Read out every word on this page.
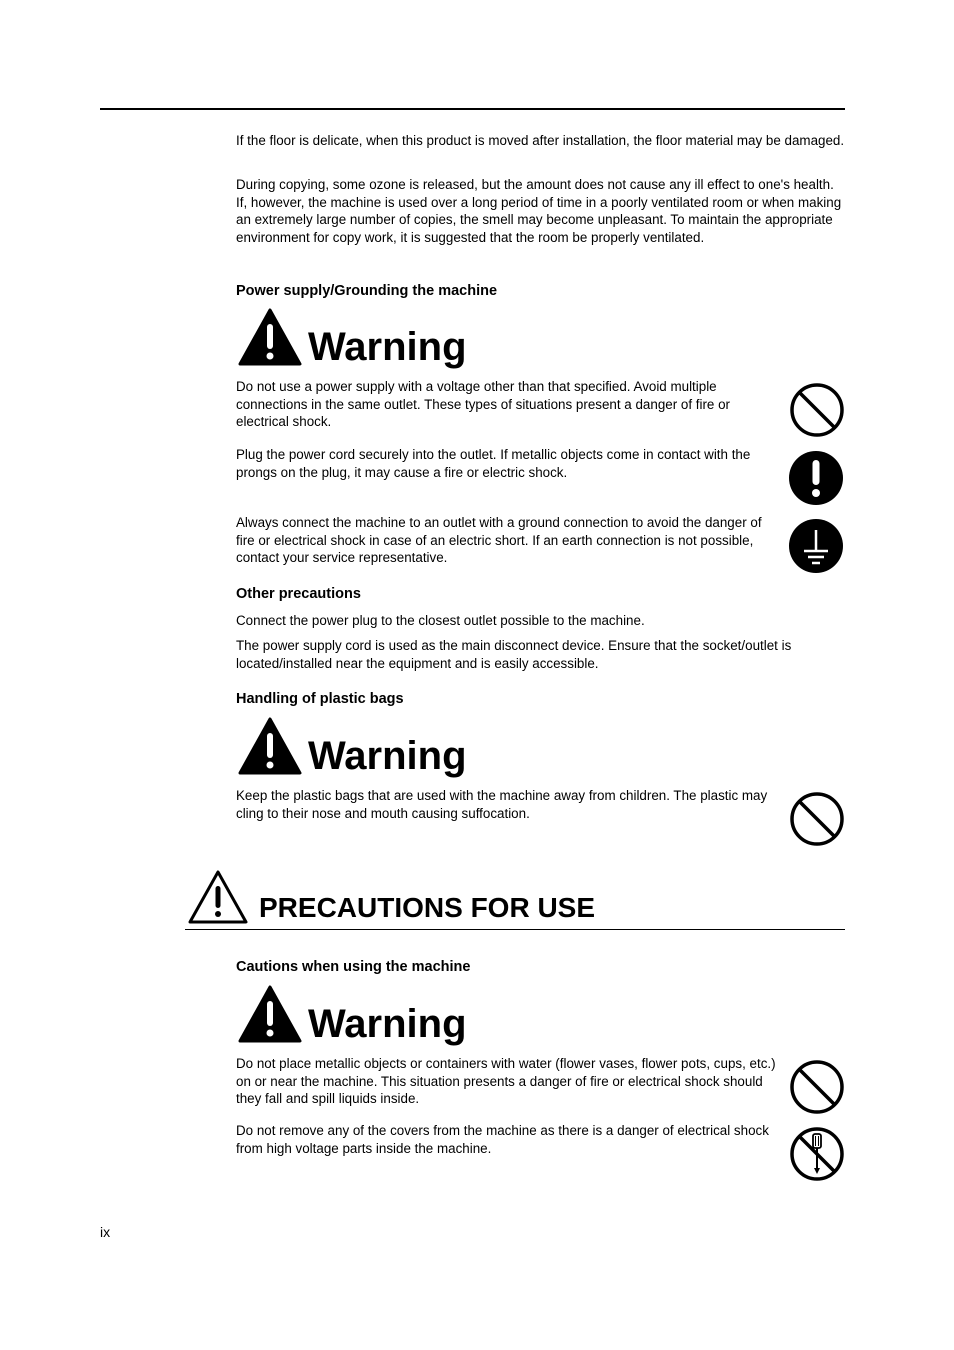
If the floor is delicate, when this product is moved after installation, the floor material may be damaged.

During copying, some ozone is released, but the amount does not cause any ill effect to one's health. If, however, the machine is used over a long period of time in a poorly ventilated room or when making an extremely large number of copies, the smell may become unpleasant. To maintain the appropriate environment for copy work, it is suggested that the room be properly ventilated.

Power supply/Grounding the machine

Warning

Do not use a power supply with a voltage other than that specified. Avoid multiple connections in the same outlet. These types of situations present a danger of fire or electrical shock.

Plug the power cord securely into the outlet. If metallic objects come in contact with the prongs on the plug, it may cause a fire or electric shock.

Always connect the machine to an outlet with a ground connection to avoid the danger of fire or electrical shock in case of an electric short. If an earth connection is not possible, contact your service representative.

Other precautions

Connect the power plug to the closest outlet possible to the machine.

The power supply cord is used as the main disconnect device. Ensure that the socket/outlet is located/installed near the equipment and is easily accessible.

Handling of plastic bags

Warning

Keep the plastic bags that are used with the machine away from children. The plastic may cling to their nose and mouth causing suffocation.

PRECAUTIONS FOR USE

Cautions when using the machine

Warning

Do not place metallic objects or containers with water (flower vases, flower pots, cups, etc.) on or near the machine. This situation presents a danger of fire or electrical shock should they fall and spill liquids inside.

Do not remove any of the covers from the machine as there is a danger of electrical shock from high voltage parts inside the machine.

ix
